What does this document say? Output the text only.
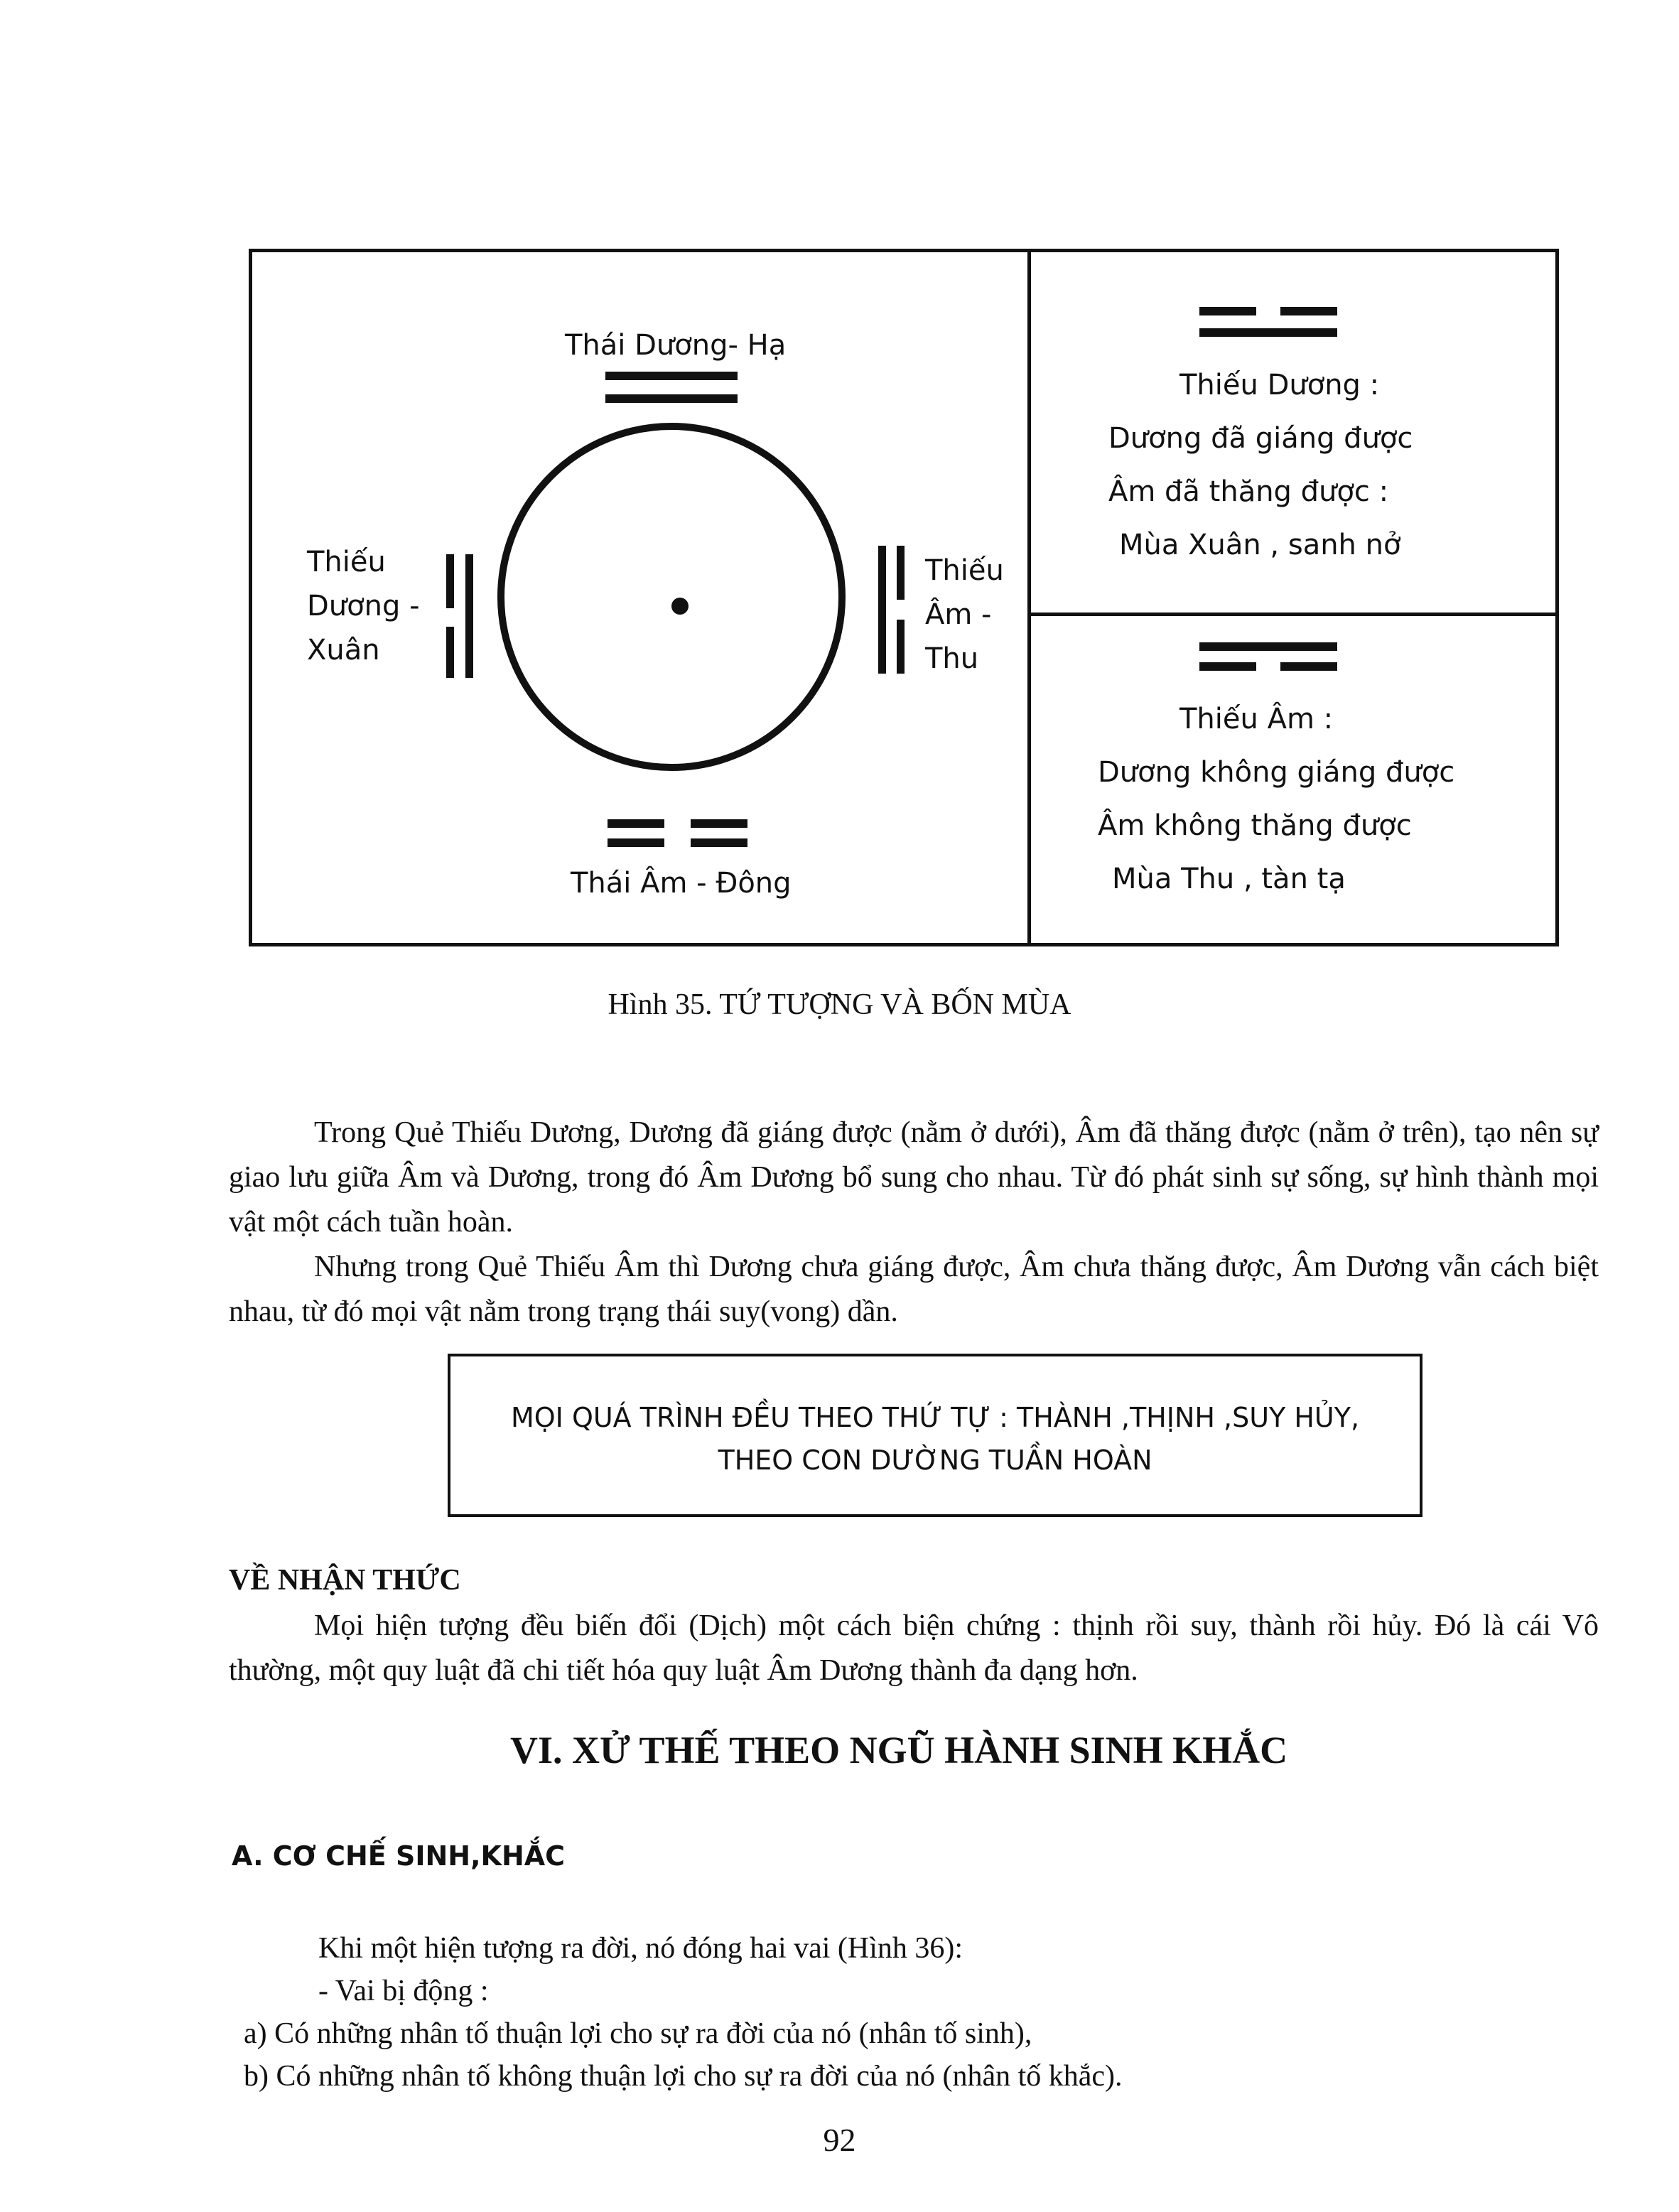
Thái Dương- Hạ
Thiếu
Dương -
Xuân
Thiếu
Âm -
Thu
Thái Âm - Đông
Thiếu Dương :
Dương đã giáng được
Âm đã thăng được :
Mùa Xuân , sanh nở
Thiếu Âm :
Dương không giáng được
Âm không thăng được
Mùa Thu , tàn tạ
Hình 35. TỨ TƯỢNG VÀ BỐN MÙA
Trong Quẻ Thiếu Dương, Dương đã giáng được (nằm ở dưới), Âm đã thăng được (nằm ở trên), tạo nên sự giao lưu giữa Âm và Dương, trong đó Âm Dương bổ sung cho nhau. Từ đó phát sinh sự sống, sự hình thành mọi vật một cách tuần hoàn.
Nhưng trong Quẻ Thiếu Âm thì Dương chưa giáng được, Âm chưa thăng được, Âm Dương vẫn cách biệt nhau, từ đó mọi vật nằm trong trạng thái suy(vong) dần.
MỌI QUÁ TRÌNH ĐỀU THEO THỨ TỰ : THÀNH ,THỊNH ,SUY HỦY,
THEO CON DƯỜNG TUẦN HOÀN
VỀ NHẬN THỨC
Mọi hiện tượng đều biến đổi (Dịch) một cách biện chứng : thịnh rồi suy, thành rồi hủy. Đó là cái Vô thường, một quy luật đã chi tiết hóa quy luật Âm Dương thành đa dạng hơn.
VI. XỬ THẾ THEO NGŨ HÀNH SINH KHẮC
A. CƠ CHẾ SINH,KHẮC
Khi một hiện tượng ra đời, nó đóng hai vai (Hình 36):
- Vai bị động :
a) Có những nhân tố thuận lợi cho sự ra đời của nó (nhân tố sinh),
b) Có những nhân tố không thuận lợi cho sự ra đời của nó (nhân tố khắc).
92
